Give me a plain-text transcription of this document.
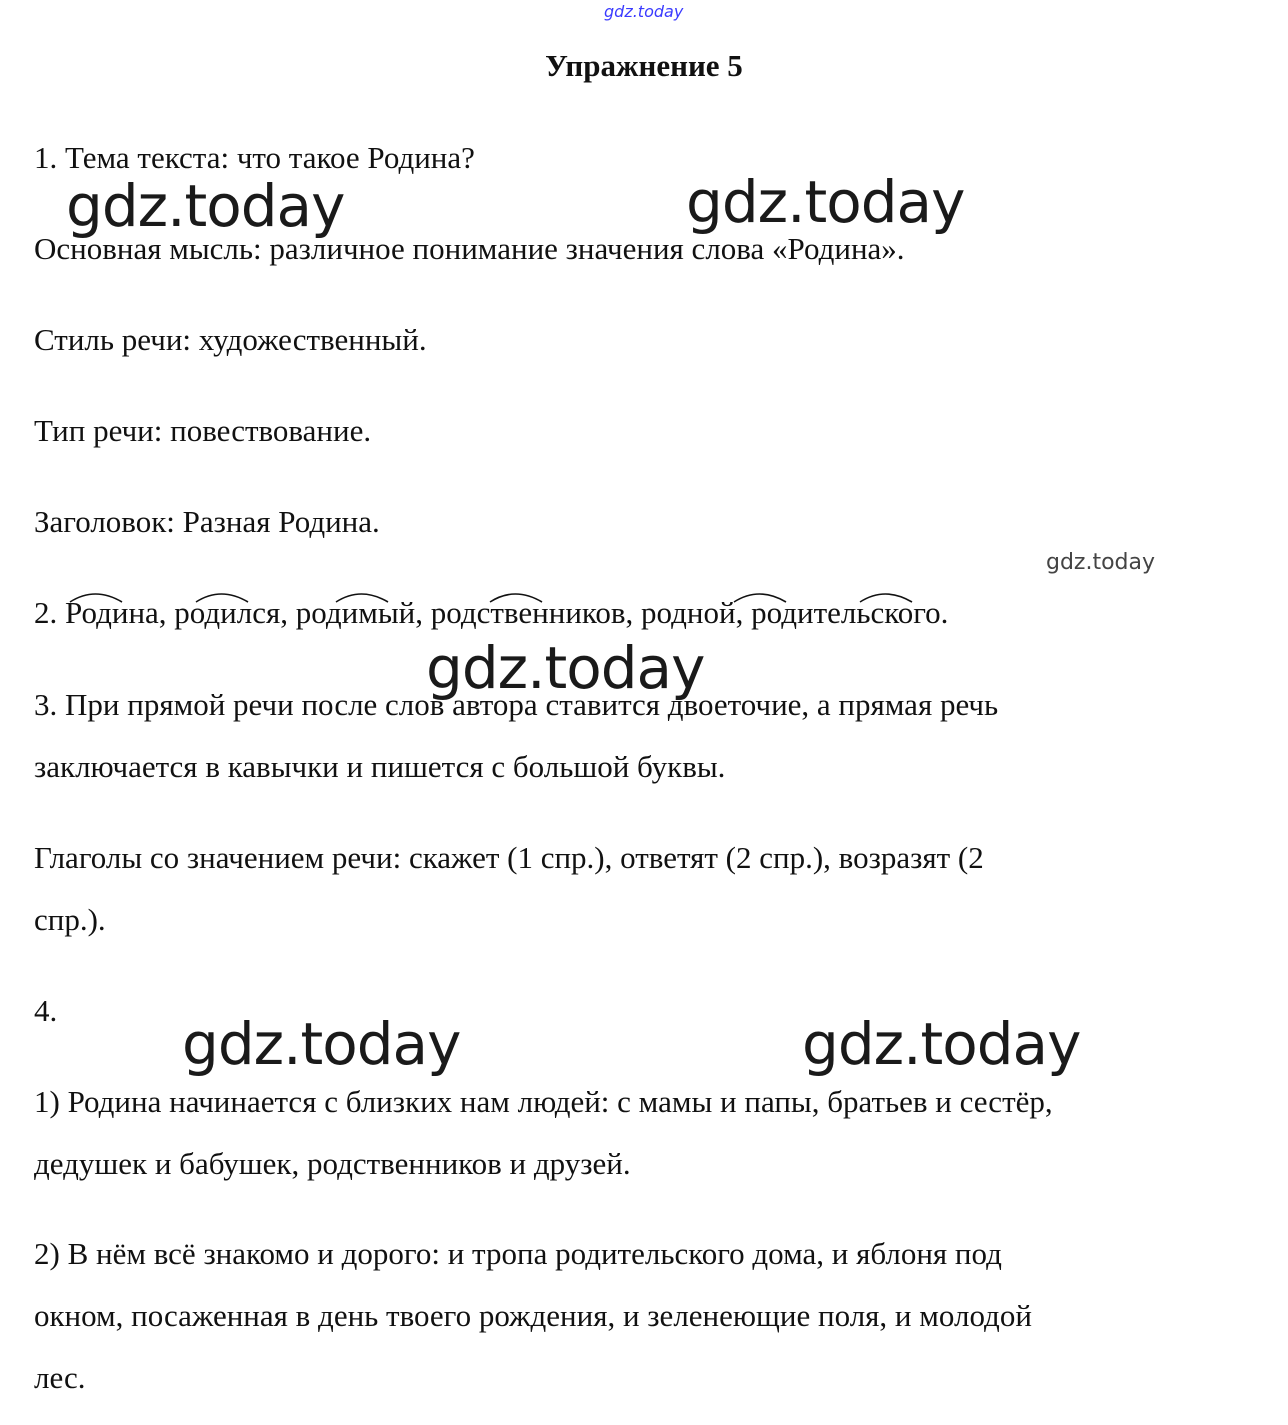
gdz.today
Упражнение 5
1. Тема текста: что такое Родина?
Основная мысль: различное понимание значения слова «Родина».
Стиль речи: художественный.
Тип речи: повествование.
Заголовок: Разная Родина.
2. Родина, родился, родимый, родственников, родной, родительского.
3. При прямой речи после слов автора ставится двоеточие, а прямая речь
заключается в кавычки и пишется с большой буквы.
Глаголы со значением речи: скажет (1 спр.), ответят (2 спр.), возразят (2
спр.).
4.
1) Родина начинается с близких нам людей: с мамы и папы, братьев и сестёр,
дедушек и бабушек, родственников и друзей.
2) В нём всё знакомо и дорого: и тропа родительского дома, и яблоня под
окном, посаженная в день твоего рождения, и зеленеющие поля, и молодой
лес.
gdz.today	gdz.today
gdz.today
gdz.today
gdz.today	gdz.today
